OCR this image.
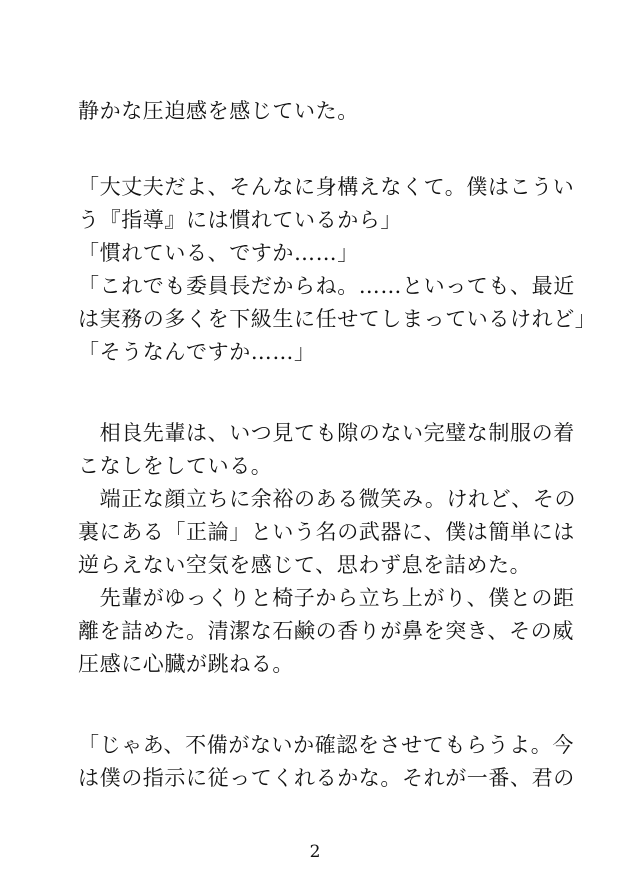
静かな圧迫感を感じていた。
「大丈夫だよ、そんなに身構えなくて。僕はこうい
う『指導』には慣れているから」
「慣れている、ですか……」
「これでも委員長だからね。……といっても、最近
は実務の多くを下級生に任せてしまっているけれど」
「そうなんですか……」
　相良先輩は、いつ見ても隙のない完璧な制服の着
こなしをしている。
　端正な顔立ちに余裕のある微笑み。けれど、その
裏にある「正論」という名の武器に、僕は簡単には
逆らえない空気を感じて、思わず息を詰めた。
　先輩がゆっくりと椅子から立ち上がり、僕との距
離を詰めた。清潔な石鹸の香りが鼻を突き、その威
圧感に心臓が跳ねる。
「じゃあ、不備がないか確認をさせてもらうよ。今
は僕の指示に従ってくれるかな。それが一番、君の
2
